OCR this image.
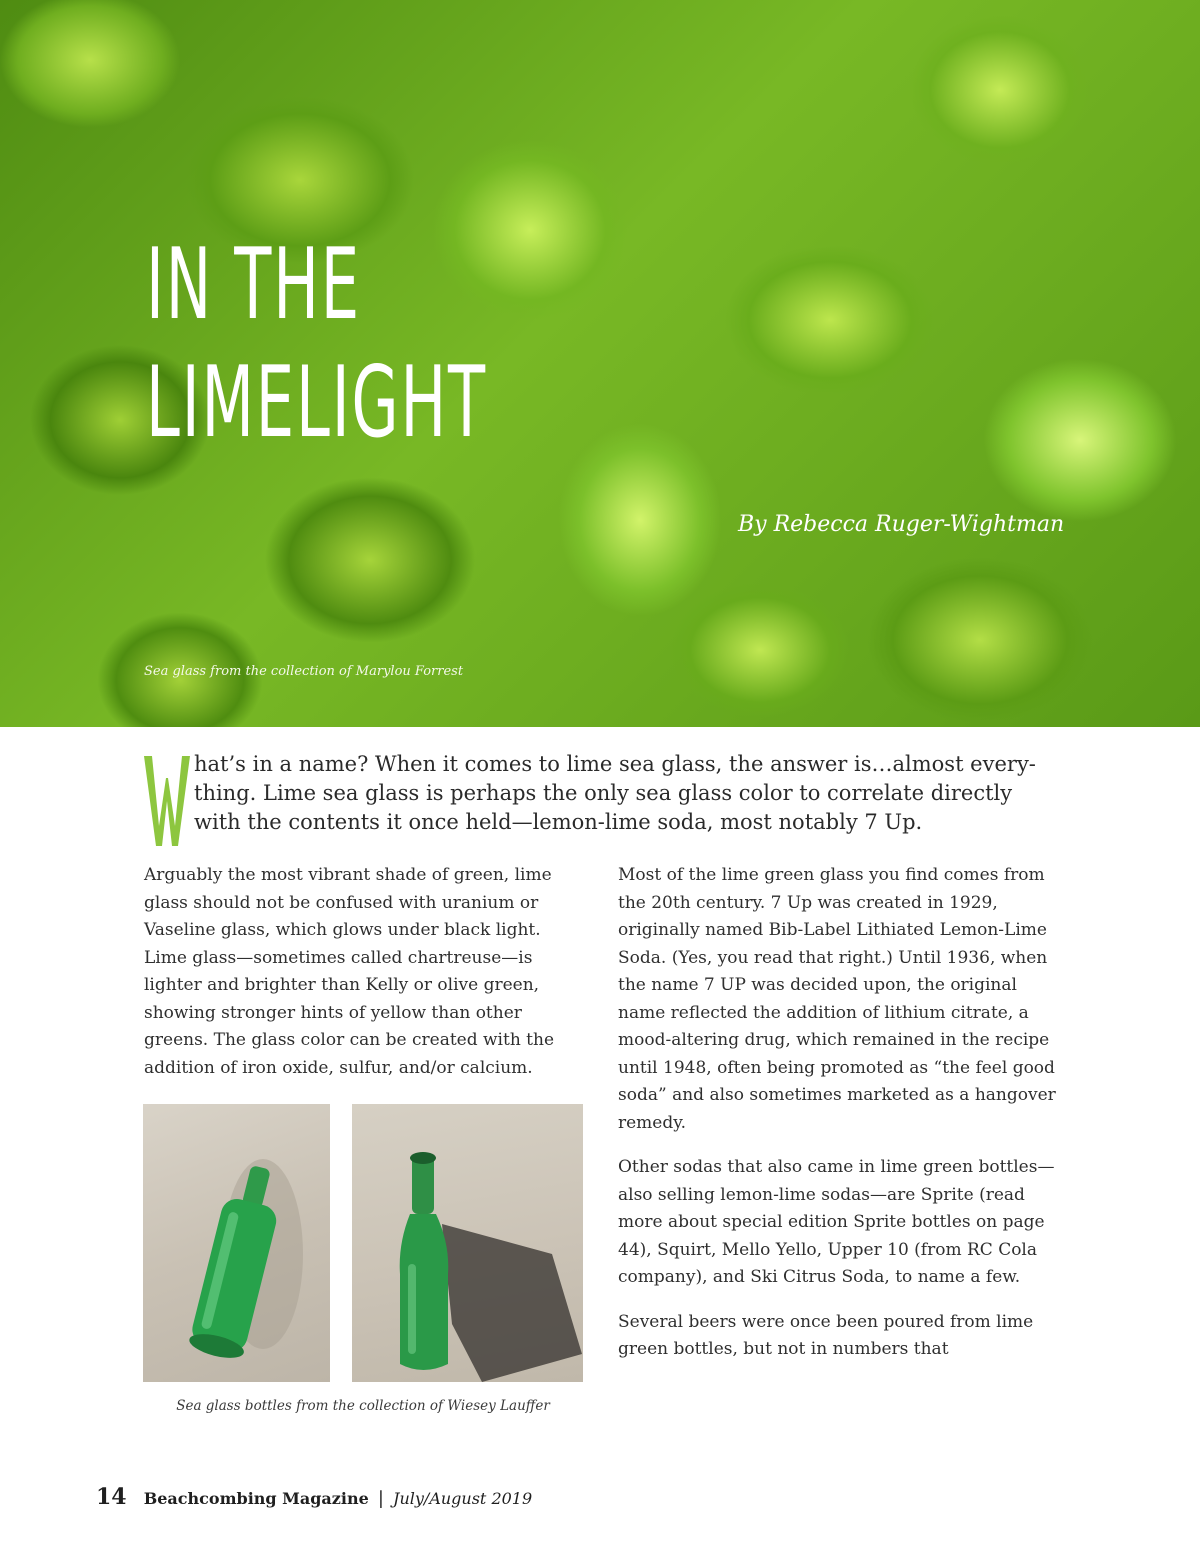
IN THE
LIMELIGHT
By Rebecca Ruger-Wightman
Sea glass from the collection of Marylou Forrest

hat’s in a name? When it comes to lime sea glass, the answer is…almost every-thing. Lime sea glass is perhaps the only sea glass color to correlate directly with the contents it once held—lemon-lime soda, most notably 7 Up.

Arguably the most vibrant shade of green, lime glass should not be confused with uranium or Vaseline glass, which glows under black light. Lime glass—sometimes called chartreuse—is lighter and brighter than Kelly or olive green, showing stronger hints of yellow than other greens. The glass color can be created with the addition of iron oxide, sulfur, and/or calcium.

Most of the lime green glass you find comes from the 20th century. 7 Up was created in 1929, originally named Bib-Label Lithiated Lemon-Lime Soda. (Yes, you read that right.) Until 1936, when the name 7 UP was decided upon, the original name reflected the addition of lithium citrate, a mood-altering drug, which remained in the recipe until 1948, often being promoted as “the feel good soda” and also sometimes marketed as a hangover remedy.

Other sodas that also came in lime green bottles—also selling lemon-lime sodas—are Sprite (read more about special edition Sprite bottles on page 44), Squirt, Mello Yello, Upper 10 (from RC Cola company), and Ski Citrus Soda, to name a few.

Several beers were once been poured from lime green bottles, but not in numbers that

Sea glass bottles from the collection of Wiesey Lauffer
14 Beachcombing Magazine | July/August 2019
